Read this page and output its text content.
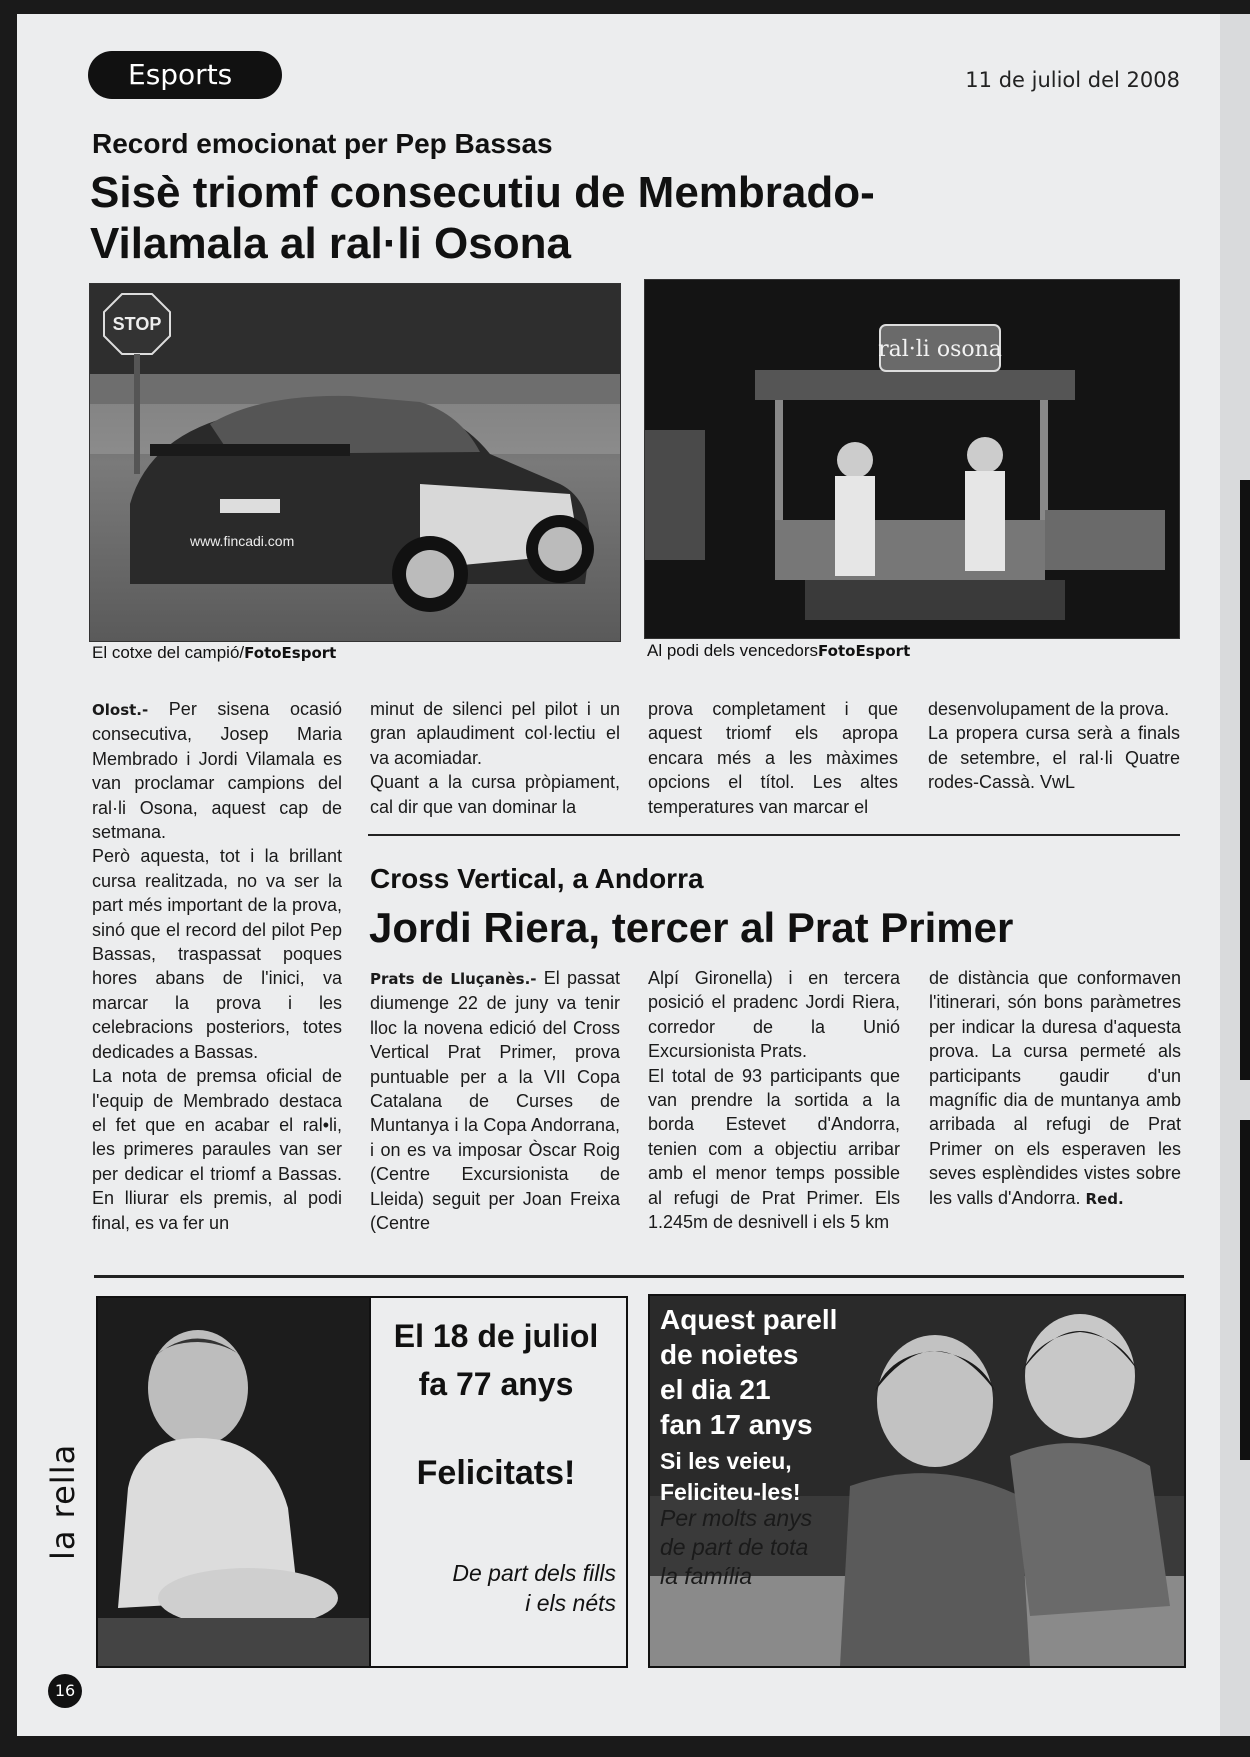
Esports	11 de juliol del 2008
Record emocionat per Pep Bassas
Sisè triomf consecutiu de Membrado-Vilamala al ral·li Osona
STOP
www.fincadi.com
ral·li osona
El cotxe del campió/FotoEsport	Al podi dels vencedorsFotoEsport
Olost.- Per sisena ocasió consecutiva, Josep Maria Membrado i Jordi Vilamala es van proclamar campions del ral·li Osona, aquest cap de setmana.
Però aquesta, tot i la brillant cursa realitzada, no va ser la part més important de la prova, sinó que el record del pilot Pep Bassas, traspassat poques hores abans de l'inici, va marcar la prova i les celebracions posteriors, totes dedicades a Bassas.
La nota de premsa oficial de l'equip de Membrado destaca el fet que en acabar el ral•li, les primeres paraules van ser per dedicar el triomf a Bassas. En lliurar els premis, al podi final, es va fer un
minut de silenci pel pilot i un gran aplaudiment col·lectiu el va acomiadar.
Quant a la cursa pròpiament, cal dir que van dominar la
prova completament i que aquest triomf els apropa encara més a les màximes opcions el títol. Les altes temperatures van marcar el
desenvolupament de la prova.
La propera cursa serà a finals de setembre, el ral·li Quatre rodes-Cassà. VwL
Cross Vertical, a Andorra
Jordi Riera, tercer al Prat Primer
Prats de Lluçanès.- El passat diumenge 22 de juny va tenir lloc la novena edició del Cross Vertical Prat Primer, prova puntuable per a la VII Copa Catalana de Curses de Muntanya i la Copa Andorrana, i on es va imposar Òscar Roig (Centre Excursionista de Lleida) seguit per Joan Freixa (Centre
Alpí Gironella) i en tercera posició el pradenc Jordi Riera, corredor de la Unió Excursionista Prats.
El total de 93 participants que van prendre la sortida a la borda Estevet d'Andorra, tenien com a objectiu arribar amb el menor temps possible al refugi de Prat Primer. Els 1.245m de desnivell i els 5 km
de distància que conformaven l'itinerari, són bons paràmetres per indicar la duresa d'aquesta prova. La cursa permeté als participants gaudir d'un magnífic dia de muntanya amb arribada al refugi de Prat Primer on els esperaven les seves esplèndides vistes sobre les valls d'Andorra. Red.
El 18 de juliol
fa 77 anys
Felicitats!
De part dels fills
i els néts
Aquest parell
de noietes
el dia 21
fan 17 anys
Si les veieu,
Feliciteu-les!
Per molts anys
de part de tota
la família
la rella
16
